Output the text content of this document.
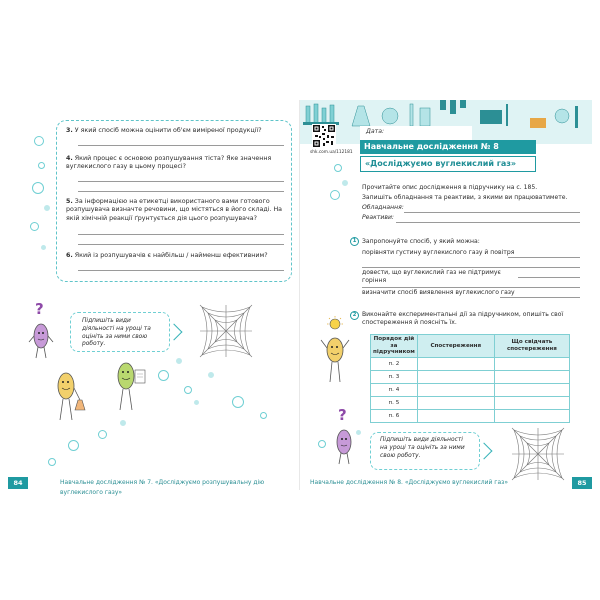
3. У який спосіб можна оцінити об'єм виміреної продукції?
4. Який процес є основою розпушування тіста? Яке значення вуглекислого газу в цьому процесі?
5. За інформацією на етикетці використаного вами готового розпушувача визначте речовини, що містяться в його складі. На якій хімічній реакції ґрунтується дія цього розпушувача?
6. Який із розпушувачів є найбільш / найменш ефективним?
?
Підпишіть види діяльності на уроці та оцініть за ними свою роботу.
84	Навчальне дослідження № 7. «Досліджуємо розпушувальну дію вуглекислого газу»
shk.com.ua/112181
Дата:
Навчальне дослідження № 8
«Досліджуємо вуглекислий газ»
Прочитайте опис дослідження в підручнику на с. 185.
Запишіть обладнання та реактиви, з якими ви працюватимете.
Обладнання:
Реактиви:
1 Запропонуйте спосіб, у який можна:
порівняти густину вуглекислого газу й повітря
довести, що вуглекислий газ не підтримує горіння
визначити спосіб виявлення вуглекислого газу
2 Виконайте експериментальні дії за підручником, опишіть свої спостереження й поясніть їх.
Порядок дій за підручником	Спостереження	Що свідчать спостереження
п. 2		
п. 3		
п. 4		
п. 5		
п. 6		
?
Підпишіть види діяльності на уроці та оцініть за ними свою роботу.
Навчальне дослідження № 8. «Досліджуємо вуглекислий газ»	85
